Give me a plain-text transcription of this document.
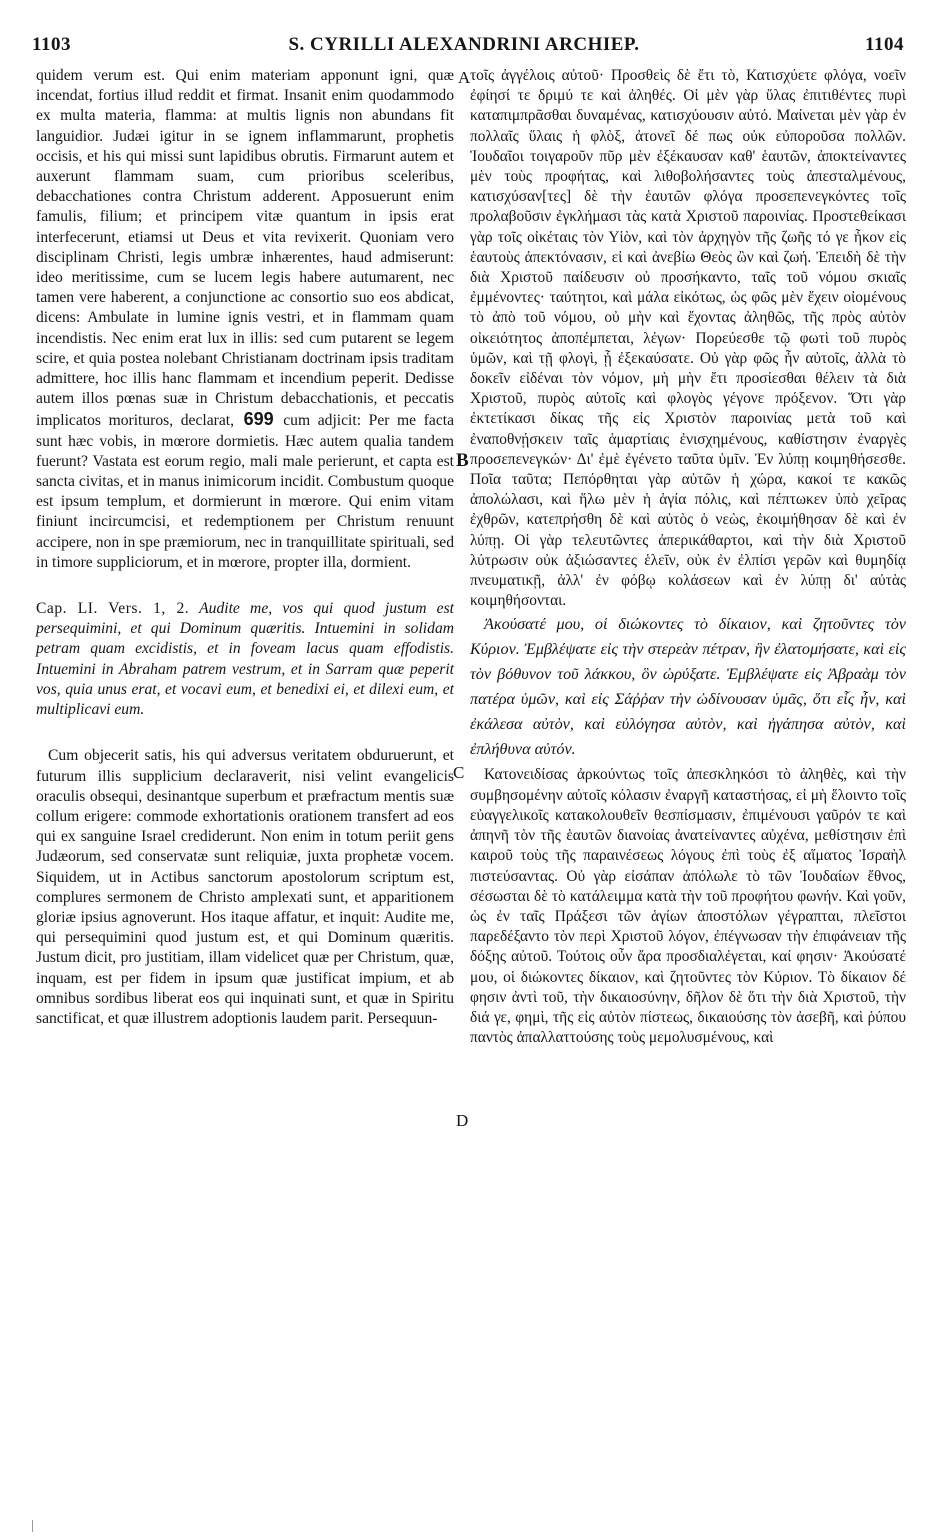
1103	S. CYRILLI ALEXANDRINI ARCHIEP.	1104

quidem verum est. Qui enim materiam apponunt igni, quæ incendat, fortius illud reddit et firmat. Insanit enim quodammodo ex multa materia, flamma: at multis lignis non abundans fit languidior. Judæi igitur in se ignem inflammarunt, prophetis occisis, et his qui missi sunt lapidibus obrutis. Firmarunt autem et auxerunt flammam suam, cum prioribus sceleribus, debacchationes contra Christum adderent. Apposuerunt enim famulis, filium; et principem vitæ quantum in ipsis erat interfecerunt, etiamsi ut Deus et vita revixerit. Quoniam vero disciplinam Christi, legis umbræ inhærentes, haud admiserunt: ideo meritissime, cum se lucem legis habere autumarent, nec tamen vere haberent, a conjunctione ac consortio suo eos abdicat, dicens: Ambulate in lumine ignis vestri, et in flammam quam incendistis. Nec enim erat lux in illis: sed cum putarent se legem scire, et quia postea nolebant Christianam doctrinam ipsis traditam admittere, hoc illis hanc flammam et incendium peperit. Dedisse autem illos pœnas suæ in Christum debacchationis, et peccatis implicatos morituros, declarat, 699 cum adjicit: Per me facta sunt hæc vobis, in mœrore dormietis. Hæc autem qualia tandem fuerunt? Vastata est eorum regio, mali male perierunt, et capta est sancta civitas, et in manus inimicorum incidit. Combustum quoque est ipsum templum, et dormierunt in mœrore. Qui enim vitam finiunt incircumcisi, et redemptionem per Christum renuunt accipere, non in spe præmiorum, nec in tranquillitate spirituali, sed in timore suppliciorum, et in mœrore, propter illa, dormient.

Cap. LI. Vers. 1, 2. Audite me, vos qui quod justum est persequimini, et qui Dominum quæritis. Intuemini in solidam petram quam excidistis, et in foveam lacus quam effodistis. Intuemini in Abraham patrem vestrum, et in Sarram quæ peperit vos, quia unus erat, et vocavi eum, et benedixi ei, et dilexi eum, et multiplicavi eum.

Cum objecerit satis, his qui adversus veritatem obduruerunt, et futurum illis supplicium declaraverit, nisi velint evangelicis oraculis obsequi, desinantque superbum et præfractum mentis suæ collum erigere: commode exhortationis orationem transfert ad eos qui ex sanguine Israel crediderunt. Non enim in totum periit gens Judæorum, sed conservatæ sunt reliquiæ, juxta prophetæ vocem. Siquidem, ut in Actibus sanctorum apostolorum scriptum est, complures sermonem de Christo amplexati sunt, et apparitionem gloriæ ipsius agnoverunt. Hos itaque affatur, et inquit: Audite me, qui persequimini quod justum est, et qui Dominum quæritis. Justum dicit, pro justitiam, illam videlicet quæ per Christum, quæ, inquam, est per fidem in ipsum quæ justificat impium, et ab omnibus sordibus liberat eos qui inquinati sunt, et quæ in Spiritu sanctificat, et quæ illustrem adoptionis laudem parit. Persequun-

A
B
C
D

τοῖς ἀγγέλοις αὐτοῦ· Προσθεὶς δὲ ἔτι τὸ, Κατισχύετε φλόγα, νοεῖν ἐφίησί τε δριμύ τε καὶ ἀληθές. Οἱ μὲν γὰρ ὕλας ἐπιτιθέντες πυρὶ καταπιμπρᾶσθαι δυναμένας, κατισχύουσιν αὐτό. Μαίνεται μὲν γὰρ ἐν πολλαῖς ὕλαις ἡ φλὸξ, ἀτονεῖ δέ πως οὐκ εὐποροῦσα πολλῶν. Ἰουδαῖοι τοιγαροῦν πῦρ μὲν ἐξέκαυσαν καθ' ἑαυτῶν, ἀποκτείναντες μὲν τοὺς προφήτας, καὶ λιθοβολήσαντες τοὺς ἀπεσταλμένους, κατισχύσαν[τες] δὲ τὴν ἑαυτῶν φλόγα προσεπενεγκόντες τοῖς προλαβοῦσιν ἐγκλήμασι τὰς κατὰ Χριστοῦ παροινίας. Προστεθείκασι γὰρ τοῖς οἰκέταις τὸν Υἱὸν, καὶ τὸν ἀρχηγὸν τῆς ζωῆς τό γε ἧκον εἰς ἑαυτοὺς ἀπεκτόνασιν, εἰ καὶ ἀνεβίω Θεὸς ὢν καὶ ζωή. Ἐπειδὴ δὲ τὴν διὰ Χριστοῦ παίδευσιν οὐ προσήκαντο, ταῖς τοῦ νόμου σκιαῖς ἐμμένοντες· ταύτητοι, καὶ μάλα εἰκότως, ὡς φῶς μὲν ἔχειν οἰομένους τὸ ἀπὸ τοῦ νόμου, οὐ μὴν καὶ ἔχοντας ἀληθῶς, τῆς πρὸς αὐτὸν οἰκειότητος ἀποπέμπεται, λέγων· Πορεύεσθε τῷ φωτὶ τοῦ πυρὸς ὑμῶν, καὶ τῇ φλογὶ, ᾗ ἐξεκαύσατε. Οὐ γὰρ φῶς ἦν αὐτοῖς, ἀλλὰ τὸ δοκεῖν εἰδέναι τὸν νόμον, μὴ μὴν ἔτι προσίεσθαι θέλειν τὰ διὰ Χριστοῦ, πυρὸς αὐτοῖς καὶ φλογὸς γέγονε πρόξενον. Ὅτι γὰρ ἐκτετίκασι δίκας τῆς εἰς Χριστὸν παροινίας μετὰ τοῦ καὶ ἐναποθνῄσκειν ταῖς ἁμαρτίαις ἐνισχημένους, καθίστησιν ἐναργὲς προσεπενεγκών· Δι' ἐμὲ ἐγένετο ταῦτα ὑμῖν. Ἐν λύπῃ κοιμηθήσεσθε. Ποῖα ταῦτα; Πεπόρθηται γὰρ αὐτῶν ἡ χώρα, κακοί τε κακῶς ἀπολώλασι, καὶ ἥλω μὲν ἡ ἁγία πόλις, καὶ πέπτωκεν ὑπὸ χεῖρας ἐχθρῶν, κατεπρήσθη δὲ καὶ αὐτὸς ὁ νεὼς, ἐκοιμήθησαν δὲ καὶ ἐν λύπῃ. Οἱ γὰρ τελευτῶντες ἀπερικάθαρτοι, καὶ τὴν διὰ Χριστοῦ λύτρωσιν οὐκ ἀξιώσαντες ἑλεῖν, οὐκ ἐν ἐλπίσι γερῶν καὶ θυμηδίᾳ πνευματικῇ, ἀλλ' ἐν φόβῳ κολάσεων καὶ ἐν λύπῃ δι' αὐτὰς κοιμηθήσονται.

Ἀκούσατέ μου, οἱ διώκοντες τὸ δίκαιον, καὶ ζητοῦντες τὸν Κύριον. Ἐμβλέψατε εἰς τὴν στερεὰν πέτραν, ἣν ἐλατομήσατε, καὶ εἰς τὸν βόθυνον τοῦ λάκκου, ὃν ὠρύξατε. Ἐμβλέψατε εἰς Ἀβραὰμ τὸν πατέρα ὑμῶν, καὶ εἰς Σάῤῥαν τὴν ὠδίνουσαν ὑμᾶς, ὅτι εἷς ἦν, καὶ ἐκάλεσα αὐτὸν, καὶ εὐλόγησα αὐτὸν, καὶ ἠγάπησα αὐτὸν, καὶ ἐπλήθυνα αὐτόν.

Κατονειδίσας ἀρκούντως τοῖς ἀπεσκληκόσι τὸ ἀληθὲς, καὶ τὴν συμβησομένην αὐτοῖς κόλασιν ἐναργῆ καταστήσας, εἰ μὴ ἕλοιντο τοῖς εὐαγγελικοῖς κατακολουθεῖν θεσπίσμασιν, ἐπιμένουσι γαῦρόν τε καὶ ἀπηνῆ τὸν τῆς ἑαυτῶν διανοίας ἀνατείναντες αὐχένα, μεθίστησιν ἐπὶ καιροῦ τοὺς τῆς παραινέσεως λόγους ἐπὶ τοὺς ἐξ αἵματος Ἰσραὴλ πιστεύσαντας. Οὐ γὰρ εἰσάπαν ἀπόλωλε τὸ τῶν Ἰουδαίων ἔθνος, σέσωσται δὲ τὸ κατάλειμμα κατὰ τὴν τοῦ προφήτου φωνήν. Καὶ γοῦν, ὡς ἐν ταῖς Πράξεσι τῶν ἁγίων ἀποστόλων γέγραπται, πλεῖστοι παρεδέξαντο τὸν περὶ Χριστοῦ λόγον, ἐπέγνωσαν τὴν ἐπιφάνειαν τῆς δόξης αὐτοῦ. Τούτοις οὖν ἄρα προσδιαλέγεται, καί φησιν· Ἀκούσατέ μου, οἱ διώκοντες δίκαιον, καὶ ζητοῦντες τὸν Κύριον. Τὸ δίκαιον δέ φησιν ἀντὶ τοῦ, τὴν δικαιοσύνην, δῆλον δὲ ὅτι τὴν διὰ Χριστοῦ, τὴν διά γε, φημὶ, τῆς εἰς αὐτὸν πίστεως, δικαιούσης τὸν ἀσεβῆ, καὶ ῥύπου παντὸς ἀπαλλαττούσης τοὺς μεμολυσμένους, καὶ
